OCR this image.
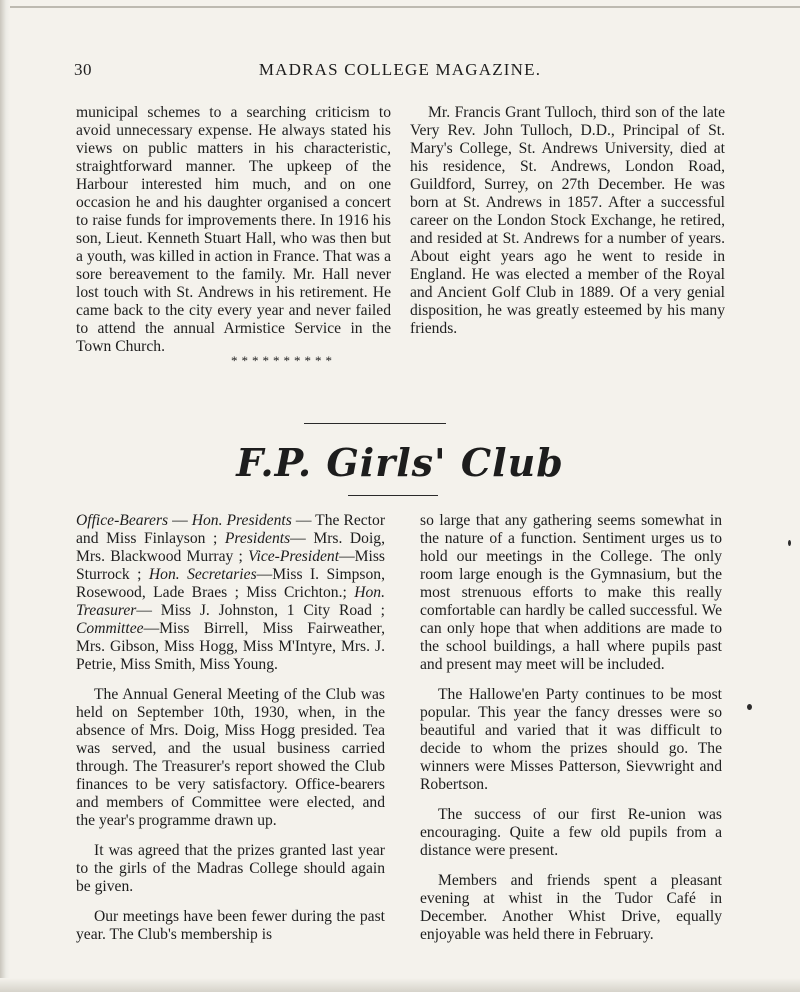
30	MADRAS COLLEGE MAGAZINE.

municipal schemes to a searching criticism to avoid unnecessary expense. He always stated his views on public matters in his characteristic, straightforward manner. The upkeep of the Harbour interested him much, and on one occasion he and his daughter organised a concert to raise funds for improvements there. In 1916 his son, Lieut. Kenneth Stuart Hall, who was then but a youth, was killed in action in France. That was a sore bereavement to the family. Mr. Hall never lost touch with St. Andrews in his retirement. He came back to the city every year and never failed to attend the annual Armistice Service in the Town Church.

**********

Mr. Francis Grant Tulloch, third son of the late Very Rev. John Tulloch, D.D., Principal of St. Mary's College, St. Andrews University, died at his residence, St. Andrews, London Road, Guildford, Surrey, on 27th December. He was born at St. Andrews in 1857. After a successful career on the London Stock Exchange, he retired, and resided at St. Andrews for a number of years. About eight years ago he went to reside in England. He was elected a member of the Royal and Ancient Golf Club in 1889. Of a very genial disposition, he was greatly esteemed by his many friends.

F.P. Girls' Club

Office-Bearers — Hon. Presidents — The Rector and Miss Finlayson ; Presidents— Mrs. Doig, Mrs. Blackwood Murray ; Vice-President—Miss Sturrock ; Hon. Secretaries—Miss I. Simpson, Rosewood, Lade Braes ; Miss Crichton.; Hon. Treasurer— Miss J. Johnston, 1 City Road ; Committee—Miss Birrell, Miss Fairweather, Mrs. Gibson, Miss Hogg, Miss M'Intyre, Mrs. J. Petrie, Miss Smith, Miss Young.

The Annual General Meeting of the Club was held on September 10th, 1930, when, in the absence of Mrs. Doig, Miss Hogg presided. Tea was served, and the usual business carried through. The Treasurer's report showed the Club finances to be very satisfactory. Office-bearers and members of Committee were elected, and the year's programme drawn up.

It was agreed that the prizes granted last year to the girls of the Madras College should again be given.

Our meetings have been fewer during the past year. The Club's membership is

so large that any gathering seems somewhat in the nature of a function. Sentiment urges us to hold our meetings in the College. The only room large enough is the Gymnasium, but the most strenuous efforts to make this really comfortable can hardly be called successful. We can only hope that when additions are made to the school buildings, a hall where pupils past and present may meet will be included.

The Hallowe'en Party continues to be most popular. This year the fancy dresses were so beautiful and varied that it was difficult to decide to whom the prizes should go. The winners were Misses Patterson, Sievwright and Robertson.

The success of our first Re-union was encouraging. Quite a few old pupils from a distance were present.

Members and friends spent a pleasant evening at whist in the Tudor Café in December. Another Whist Drive, equally enjoyable was held there in February.
